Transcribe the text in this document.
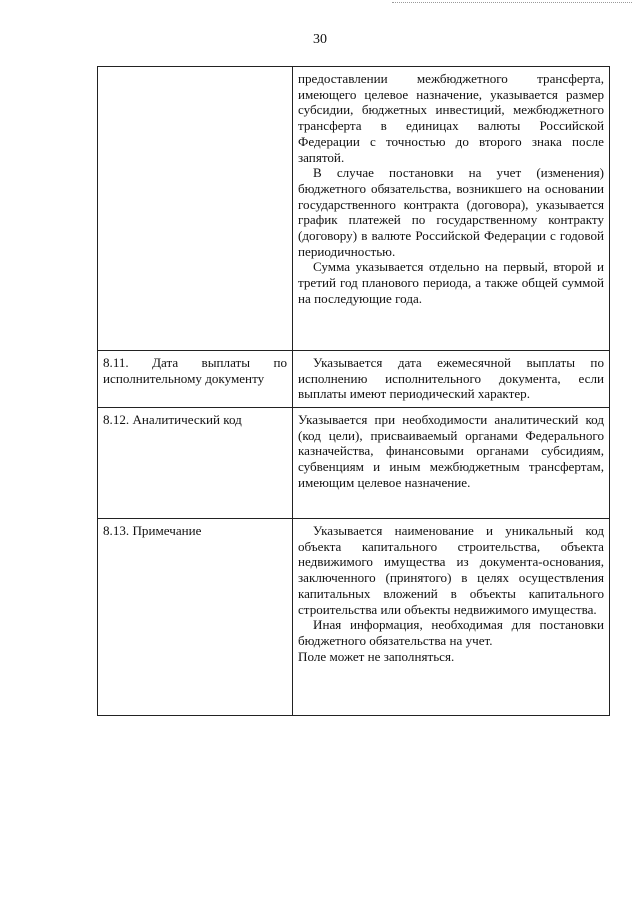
30

	предоставлении межбюджетного трансферта, имеющего целевое назначение, указывается размер субсидии, бюджетных инвестиций, межбюджетного трансферта в единицах валюты Российской Федерации с точностью до второго знака после запятой.

В случае постановки на учет (изменения) бюджетного обязательства, возникшего на основании государственного контракта (договора), указывается график платежей по государственному контракту (договору) в валюте Российской Федерации с годовой периодичностью.

Сумма указывается отдельно на первый, второй и третий год планового периода, а также общей суммой на последующие года.

8.11. Дата выплаты по исполнительному документу	Указывается дата ежемесячной выплаты по исполнению исполнительного документа, если выплаты имеют периодический характер.

8.12. Аналитический код	Указывается при необходимости аналитический код (код цели), присваиваемый органами Федерального казначейства, финансовыми органами субсидиям, субвенциям и иным межбюджетным трансфертам, имеющим целевое назначение.

8.13. Примечание	Указывается наименование и уникальный код объекта капитального строительства, объекта недвижимого имущества из документа-основания, заключенного (принятого) в целях осуществления капитальных вложений в объекты капитального строительства или объекты недвижимого имущества.

Иная информация, необходимая для постановки бюджетного обязательства на учет.

Поле может не заполняться.
